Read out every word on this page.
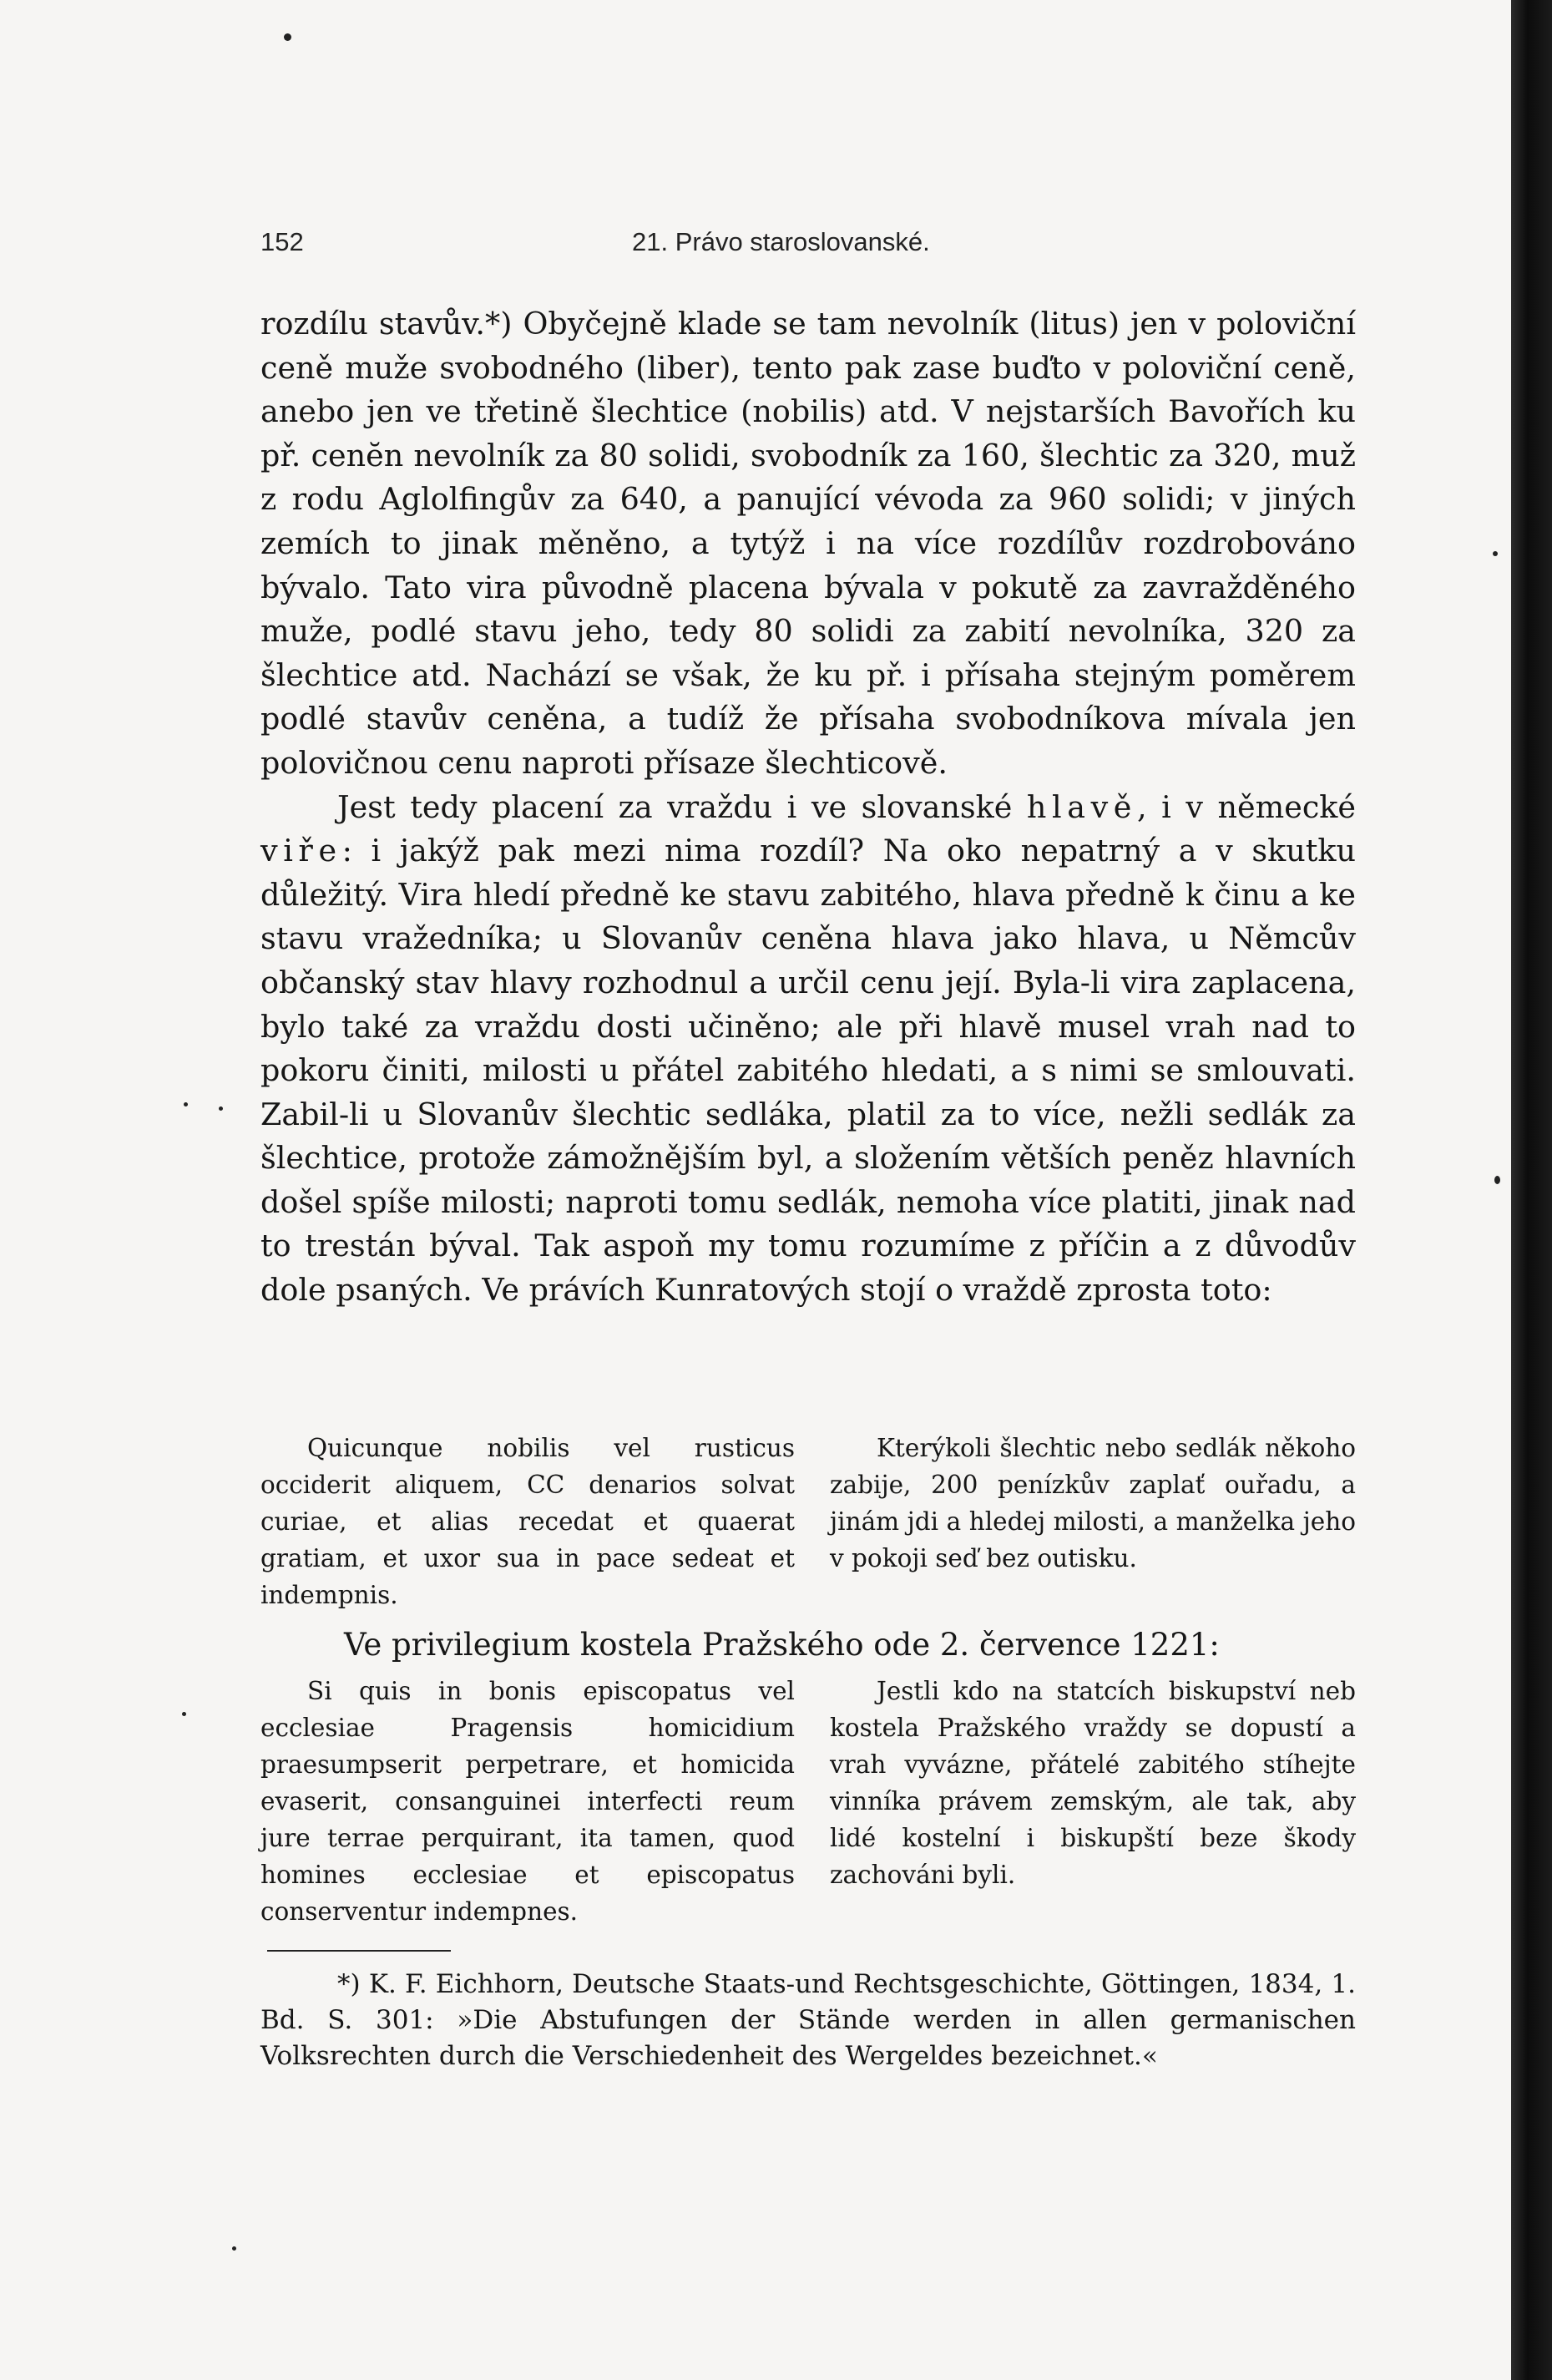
152	21. Právo staroslovanské.

rozdílu stavův.*) Obyčejně klade se tam nevolník (litus) jen v poloviční ceně muže svobodného (liber), tento pak zase buďto v poloviční ceně, anebo jen ve třetině šlechtice (nobilis) atd. V nejstarších Bavořích ku př. cenĕn nevolník za 80 solidi, svobodník za 160, šlechtic za 320, muž z rodu Aglolfingův za 640, a panující vévoda za 960 solidi; v jiných zemích to jinak měněno, a tytýž i na více rozdílův rozdrobováno bývalo. Tato vira původně placena bývala v pokutě za zavražděného muže, podlé stavu jeho, tedy 80 solidi za zabití nevolníka, 320 za šlechtice atd. Nachází se však, že ku př. i přísaha stejným poměrem podlé stavův ceněna, a tudíž že přísaha svobodníkova mívala jen polovičnou cenu naproti přísaze šlechticově.

Jest tedy placení za vraždu i ve slovanské hlavě, i v německé viře: i jakýž pak mezi nima rozdíl? Na oko nepatrný a v skutku důležitý. Vira hledí předně ke stavu zabitého, hlava předně k činu a ke stavu vražedníka; u Slovanův ceněna hlava jako hlava, u Němcův občanský stav hlavy rozhodnul a určil cenu její. Byla-li vira zaplacena, bylo také za vraždu dosti učiněno; ale při hlavě musel vrah nad to pokoru činiti, milosti u přátel zabitého hledati, a s nimi se smlouvati. Zabil-li u Slovanův šlechtic sedláka, platil za to více, nežli sedlák za šlechtice, protože zámožnějším byl, a složením větších peněz hlavních došel spíše milosti; naproti tomu sedlák, nemoha více platiti, jinak nad to trestán býval. Tak aspoň my tomu rozumíme z příčin a z důvodův dole psaných. Ve právích Kunratových stojí o vraždě zprosta toto:

Quicunque nobilis vel rusticus occiderit aliquem, CC denarios solvat curiae, et alias recedat et quaerat gratiam, et uxor sua in pace sedeat et indempnis.
Kterýkoli šlechtic nebo sedlák někoho zabije, 200 penízkův zaplať ouřadu, a jinám jdi a hledej milosti, a manželka jeho v pokoji seď bez outisku.
Ve privilegium kostela Pražského ode 2. července 1221:
Si quis in bonis episcopatus vel ecclesiae Pragensis homicidium praesumpserit perpetrare, et homicida evaserit, consanguinei interfecti reum jure terrae perquirant, ita tamen, quod homines ecclesiae et episcopatus conserventur indempnes.
Jestli kdo na statcích biskupství neb kostela Pražského vraždy se dopustí a vrah vyvázne, přátelé zabitého stíhejte vinníka právem zemským, ale tak, aby lidé kostelní i biskupští beze škody zachováni byli.
*) K. F. Eichhorn, Deutsche Staats-und Rechtsgeschichte, Göttingen, 1834, 1. Bd. S. 301: »Die Abstufungen der Stände werden in allen germanischen Volksrechten durch die Verschiedenheit des Wergeldes bezeichnet.«
